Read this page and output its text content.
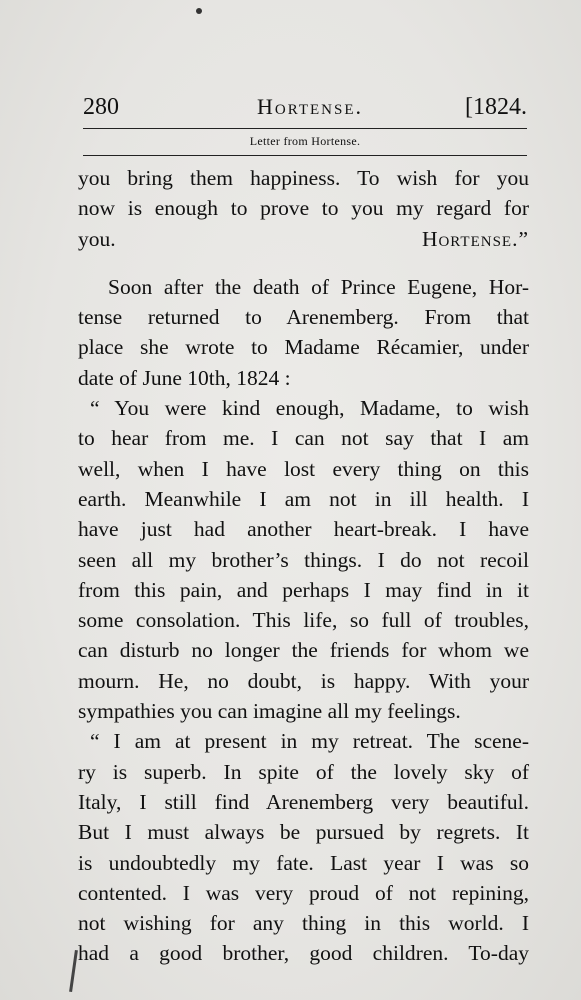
280	Hortense.	[1824.
Letter from Hortense.
you bring them happiness. To wish for you
now is enough to prove to you my regard for
you.	Hortense.”
Soon after the death of Prince Eugene, Hor-
tense returned to Arenemberg. From that
place she wrote to Madame Récamier, under
date of June 10th, 1824 :
“ You were kind enough, Madame, to wish
to hear from me. I can not say that I am
well, when I have lost every thing on this
earth. Meanwhile I am not in ill health. I
have just had another heart-break. I have
seen all my brother’s things. I do not recoil
from this pain, and perhaps I may find in it
some consolation. This life, so full of troubles,
can disturb no longer the friends for whom we
mourn. He, no doubt, is happy. With your
sympathies you can imagine all my feelings.
“ I am at present in my retreat. The scene-
ry is superb. In spite of the lovely sky of
Italy, I still find Arenemberg very beautiful.
But I must always be pursued by regrets. It
is undoubtedly my fate. Last year I was so
contented. I was very proud of not repining,
not wishing for any thing in this world. I
had a good brother, good children. To-day
